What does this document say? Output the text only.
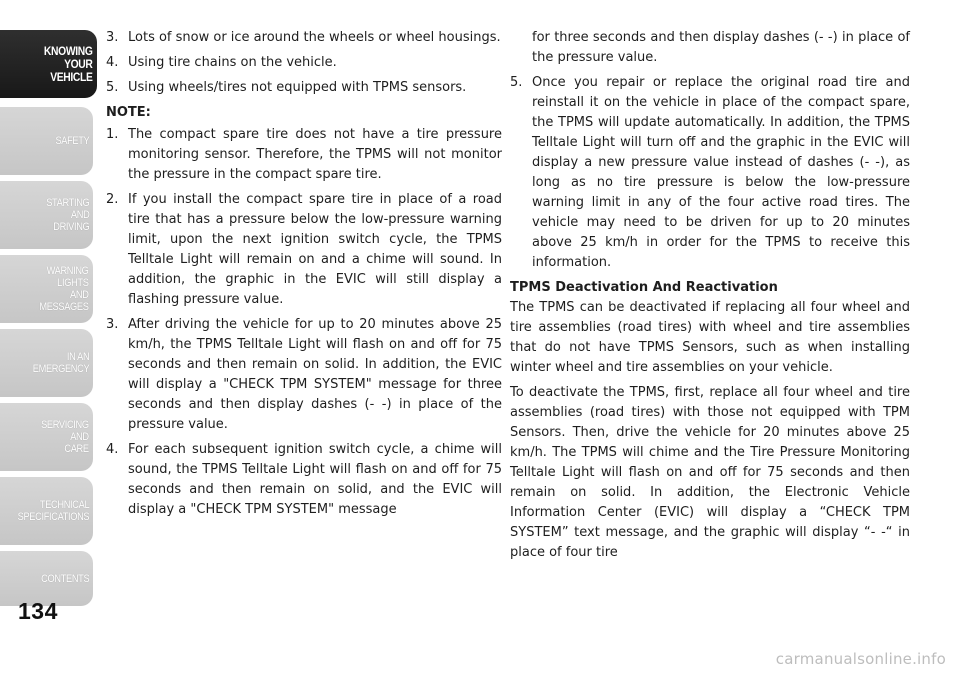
KNOWING
YOUR
VEHICLE
SAFETY
STARTING
AND
DRIVING
WARNING
LIGHTS
AND
MESSAGES
IN AN
EMERGENCY
SERVICING
AND
CARE
TECHNICAL
SPECIFICATIONS
CONTENTS
134
3. Lots of snow or ice around the wheels or wheel housings.
4. Using tire chains on the vehicle.
5. Using wheels/tires not equipped with TPMS sensors.
NOTE:
1. The compact spare tire does not have a tire pressure monitoring sensor. Therefore, the TPMS will not monitor the pressure in the compact spare tire.
2. If you install the compact spare tire in place of a road tire that has a pressure below the low-pressure warning limit, upon the next ignition switch cycle, the TPMS Telltale Light will remain on and a chime will sound. In addition, the graphic in the EVIC will still display a flashing pressure value.
3. After driving the vehicle for up to 20 minutes above 25 km/h, the TPMS Telltale Light will flash on and off for 75 seconds and then remain on solid. In addition, the EVIC will display a "CHECK TPM SYSTEM" message for three seconds and then display dashes (- -) in place of the pressure value.
4. For each subsequent ignition switch cycle, a chime will sound, the TPMS Telltale Light will flash on and off for 75 seconds and then remain on solid, and the EVIC will display a "CHECK TPM SYSTEM" message
for three seconds and then display dashes (- -) in place of the pressure value.
5. Once you repair or replace the original road tire and reinstall it on the vehicle in place of the compact spare, the TPMS will update automatically. In addition, the TPMS Telltale Light will turn off and the graphic in the EVIC will display a new pressure value instead of dashes (- -), as long as no tire pressure is below the low-pressure warning limit in any of the four active road tires. The vehicle may need to be driven for up to 20 minutes above 25 km/h in order for the TPMS to receive this information.
TPMS Deactivation And Reactivation

The TPMS can be deactivated if replacing all four wheel and tire assemblies (road tires) with wheel and tire assemblies that do not have TPMS Sensors, such as when installing winter wheel and tire assemblies on your vehicle.

To deactivate the TPMS, first, replace all four wheel and tire assemblies (road tires) with those not equipped with TPM Sensors. Then, drive the vehicle for 20 minutes above 25 km/h. The TPMS will chime and the Tire Pressure Monitoring Telltale Light will flash on and off for 75 seconds and then remain on solid. In addition, the Electronic Vehicle Information Center (EVIC) will display a “CHECK TPM SYSTEM” text message, and the graphic will display “- -“ in place of four tire

carmanualsonline.info
